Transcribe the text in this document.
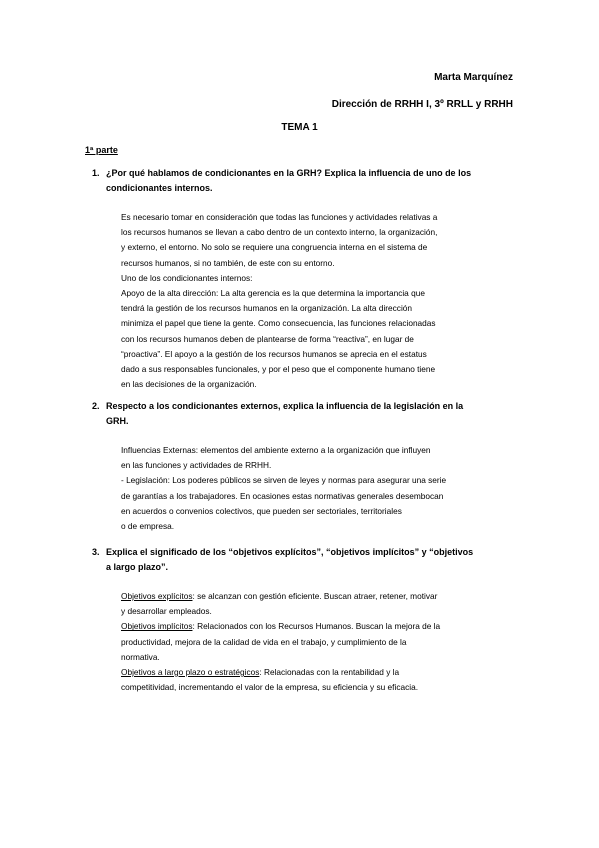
Marta Marquínez
Dirección de RRHH I, 3º RRLL y RRHH
TEMA 1
1ª parte
1. ¿Por qué hablamos de condicionantes en la GRH? Explica la influencia de uno de los
condicionantes internos.
Es necesario tomar en consideración que todas las funciones y actividades relativas a
los recursos humanos se llevan a cabo dentro de un contexto interno, la organización,
y externo, el entorno. No solo se requiere una congruencia interna en el sistema de
recursos humanos, si no también, de este con su entorno.
Uno de los condicionantes internos:
Apoyo de la alta dirección: La alta gerencia es la que determina la importancia que
tendrá la gestión de los recursos humanos en la organización. La alta dirección
minimiza el papel que tiene la gente. Como consecuencia, las funciones relacionadas
con los recursos humanos deben de plantearse de forma “reactiva”, en lugar de
“proactiva”. El apoyo a la gestión de los recursos humanos se aprecia en el estatus
dado a sus responsables funcionales, y por el peso que el componente humano tiene
en las decisiones de la organización.
2. Respecto a los condicionantes externos, explica la influencia de la legislación en la
GRH.
Influencias Externas: elementos del ambiente externo a la organización que influyen
en las funciones y actividades de RRHH.
- Legislación: Los poderes públicos se sirven de leyes y normas para asegurar una serie
de garantías a los trabajadores. En ocasiones estas normativas generales desembocan
en acuerdos o convenios colectivos, que pueden ser sectoriales, territoriales
o de empresa.
3. Explica el significado de los “objetivos explícitos”, “objetivos implícitos” y “objetivos
a largo plazo”.
Objetivos explícitos: se alcanzan con gestión eficiente. Buscan atraer, retener, motivar
y desarrollar empleados.
Objetivos implícitos: Relacionados con los Recursos Humanos. Buscan la mejora de la
productividad, mejora de la calidad de vida en el trabajo, y cumplimiento de la
normativa.
Objetivos a largo plazo o estratégicos: Relacionadas con la rentabilidad y la
competitividad, incrementando el valor de la empresa, su eficiencia y su eficacia.
